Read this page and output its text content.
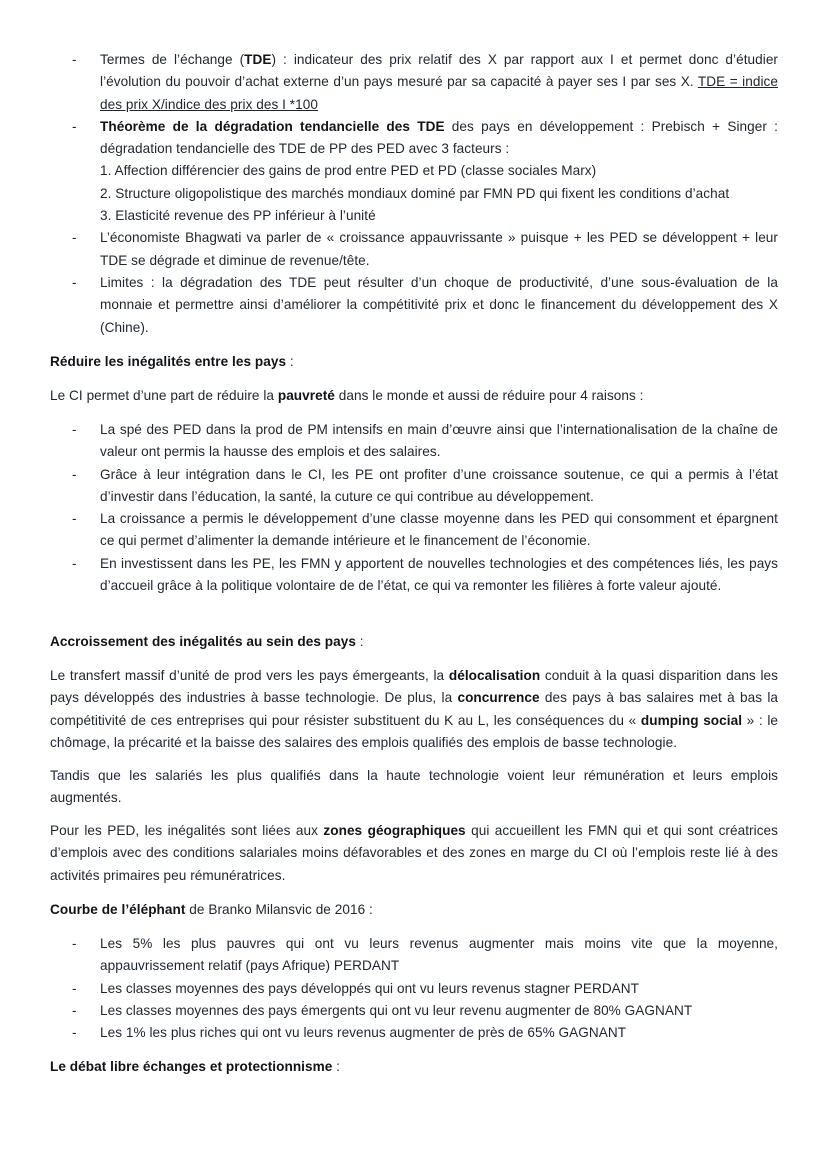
- Termes de l’échange (TDE) : indicateur des prix relatif des X par rapport aux I et permet donc d’étudier l’évolution du pouvoir d’achat externe d’un pays mesuré par sa capacité à payer ses I par ses X. TDE = indice des prix X/indice des prix des I *100
- Théorème de la dégradation tendancielle des TDE des pays en développement : Prebisch + Singer : dégradation tendancielle des TDE de PP des PED avec 3 facteurs :
1. Affection différencier des gains de prod entre PED et PD (classe sociales Marx)
2. Structure oligopolistique des marchés mondiaux dominé par FMN PD qui fixent les conditions d’achat
3. Elasticité revenue des PP inférieur à l’unité
- L’économiste Bhagwati va parler de « croissance appauvrissante » puisque + les PED se développent + leur TDE se dégrade et diminue de revenue/tête.
- Limites : la dégradation des TDE peut résulter d’un choque de productivité, d’une sous-évaluation de la monnaie et permettre ainsi d’améliorer la compétitivité prix et donc le financement du développement des X (Chine).
Réduire les inégalités entre les pays :
Le CI permet d’une part de réduire la pauvreté dans le monde et aussi de réduire pour 4 raisons :
- La spé des PED dans la prod de PM intensifs en main d’œuvre ainsi que l’internationalisation de la chaîne de valeur ont permis la hausse des emplois et des salaires.
- Grâce à leur intégration dans le CI, les PE ont profiter d’une croissance soutenue, ce qui a permis à l’état d’investir dans l’éducation, la santé, la cuture ce qui contribue au développement.
- La croissance a permis le développement d’une classe moyenne dans les PED qui consomment et épargnent ce qui permet d’alimenter la demande intérieure et le financement de l’économie.
- En investissent dans les PE, les FMN y apportent de nouvelles technologies et des compétences liés, les pays d’accueil grâce à la politique volontaire de de l’état, ce qui va remonter les filières à forte valeur ajouté.
Accroissement des inégalités au sein des pays :
Le transfert massif d’unité de prod vers les pays émergeants, la délocalisation conduit à la quasi disparition dans les pays développés des industries à basse technologie. De plus, la concurrence des pays à bas salaires met à bas la compétitivité de ces entreprises qui pour résister substituent du K au L, les conséquences du « dumping social » : le chômage, la précarité et la baisse des salaires des emplois qualifiés des emplois de basse technologie.
Tandis que les salariés les plus qualifiés dans la haute technologie voient leur rémunération et leurs emplois augmentés.
Pour les PED, les inégalités sont liées aux zones géographiques qui accueillent les FMN qui et qui sont créatrices d’emplois avec des conditions salariales moins défavorables et des zones en marge du CI où l’emplois reste lié à des activités primaires peu rémunératrices.
Courbe de l’éléphant de Branko Milansvic de 2016 :
- Les 5% les plus pauvres qui ont vu leurs revenus augmenter mais moins vite que la moyenne, appauvrissement relatif (pays Afrique) PERDANT
- Les classes moyennes des pays développés qui ont vu leurs revenus stagner PERDANT
- Les classes moyennes des pays émergents qui ont vu leur revenu augmenter de 80% GAGNANT
- Les 1% les plus riches qui ont vu leurs revenus augmenter de près de 65% GAGNANT
Le débat libre échanges et protectionnisme :
